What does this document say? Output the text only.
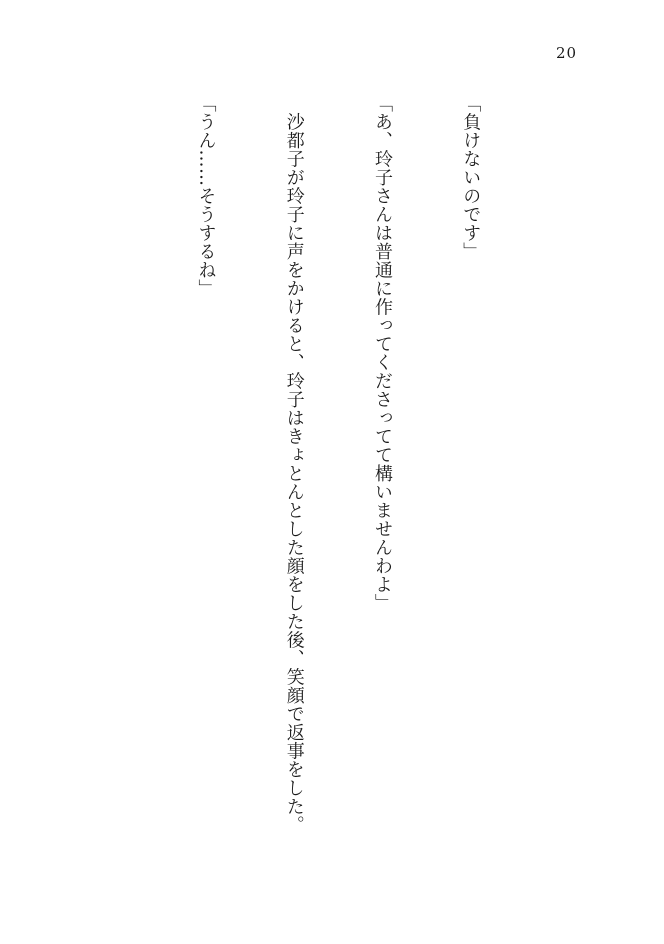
20

「負けないのです」

「あ、玲子さんは普通に作ってくださってて構いませんわよ」

　沙都子が玲子に声をかけると、玲子はきょとんとした顔をした後、笑顔で返事をした。

「うん……そうするね」
